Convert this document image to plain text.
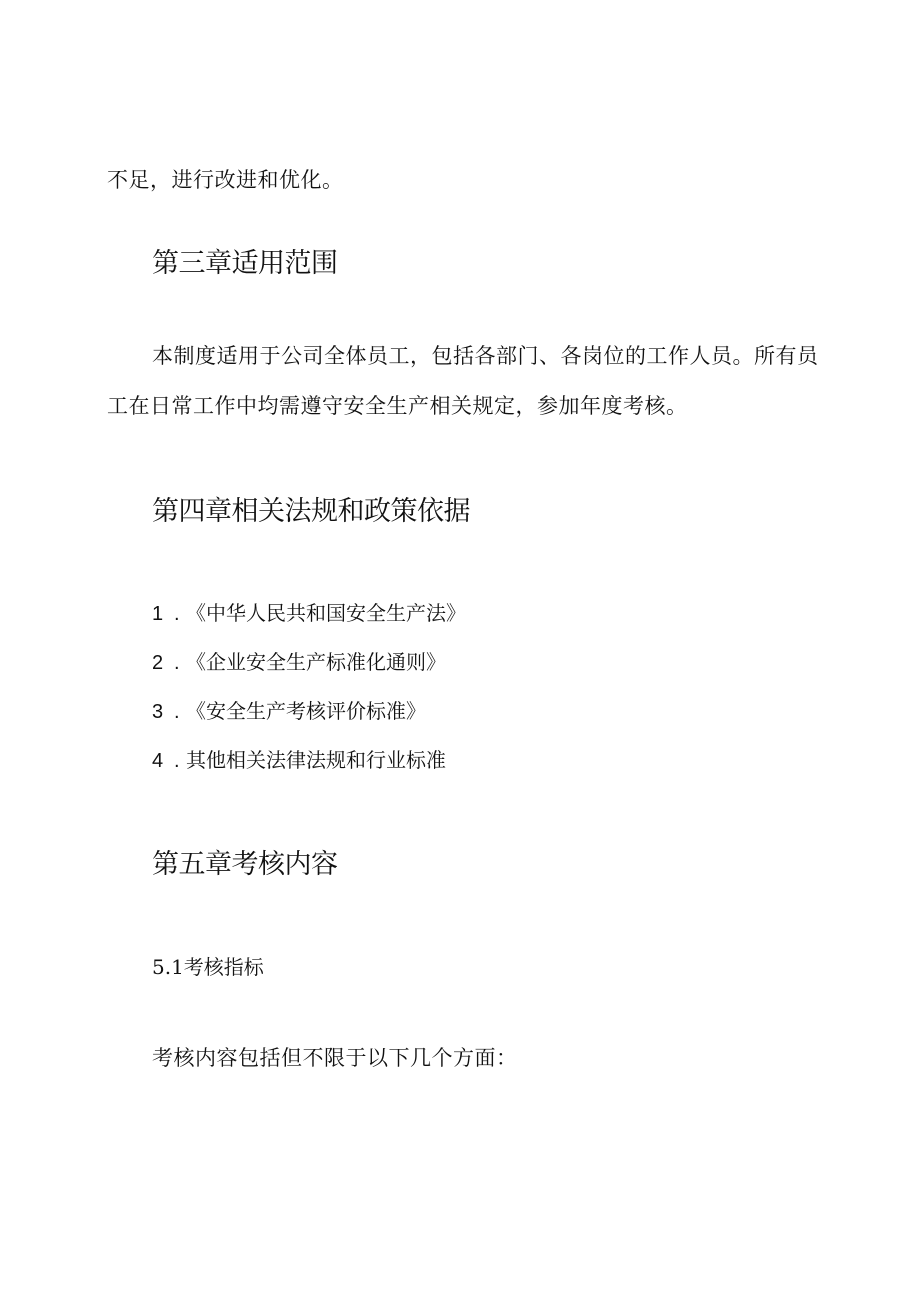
不足，进行改进和优化。
第三章适用范围
本制度适用于公司全体员工，包括各部门、各岗位的工作人员。所有员
工在日常工作中均需遵守安全生产相关规定，参加年度考核。
第四章相关法规和政策依据
1 . 《中华人民共和国安全生产法》
2 . 《企业安全生产标准化通则》
3 . 《安全生产考核评价标准》
4 . 其他相关法律法规和行业标准
第五章考核内容
5.1考核指标
考核内容包括但不限于以下几个方面：
